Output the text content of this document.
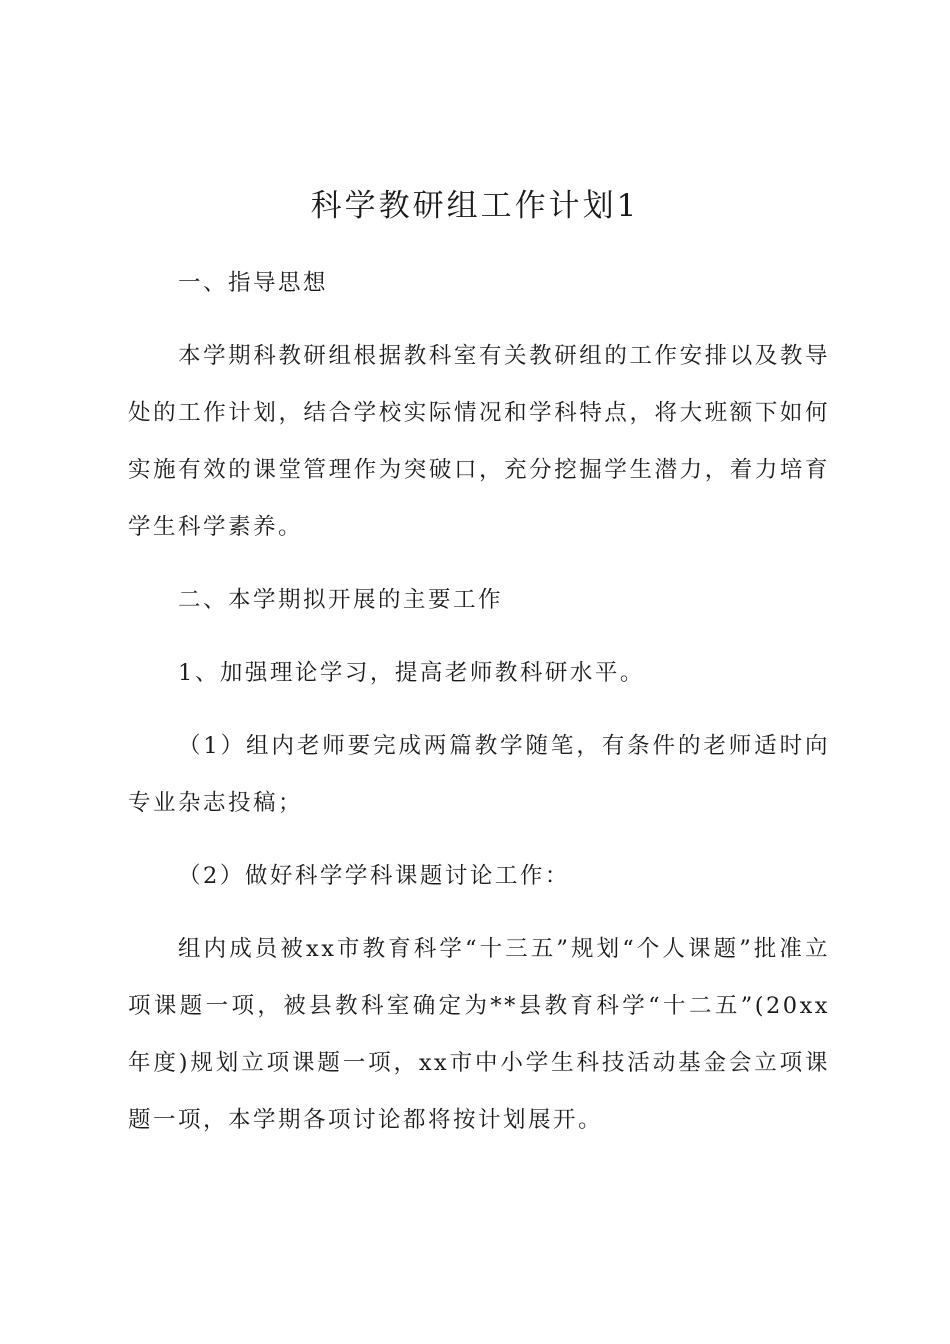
科学教研组工作计划1

一、指导思想

本学期科教研组根据教科室有关教研组的工作安排以及教导处的工作计划，结合学校实际情况和学科特点，将大班额下如何实施有效的课堂管理作为突破口，充分挖掘学生潜力，着力培育学生科学素养。

二、本学期拟开展的主要工作

1、加强理论学习，提高老师教科研水平。

（1）组内老师要完成两篇教学随笔，有条件的老师适时向专业杂志投稿；

（2）做好科学学科课题讨论工作：

组内成员被xx市教育科学“十三五”规划“个人课题”批准立项课题一项，被县教科室确定为**县教育科学“十二五”(20xx年度)规划立项课题一项，xx市中小学生科技活动基金会立项课题一项，本学期各项讨论都将按计划展开。
